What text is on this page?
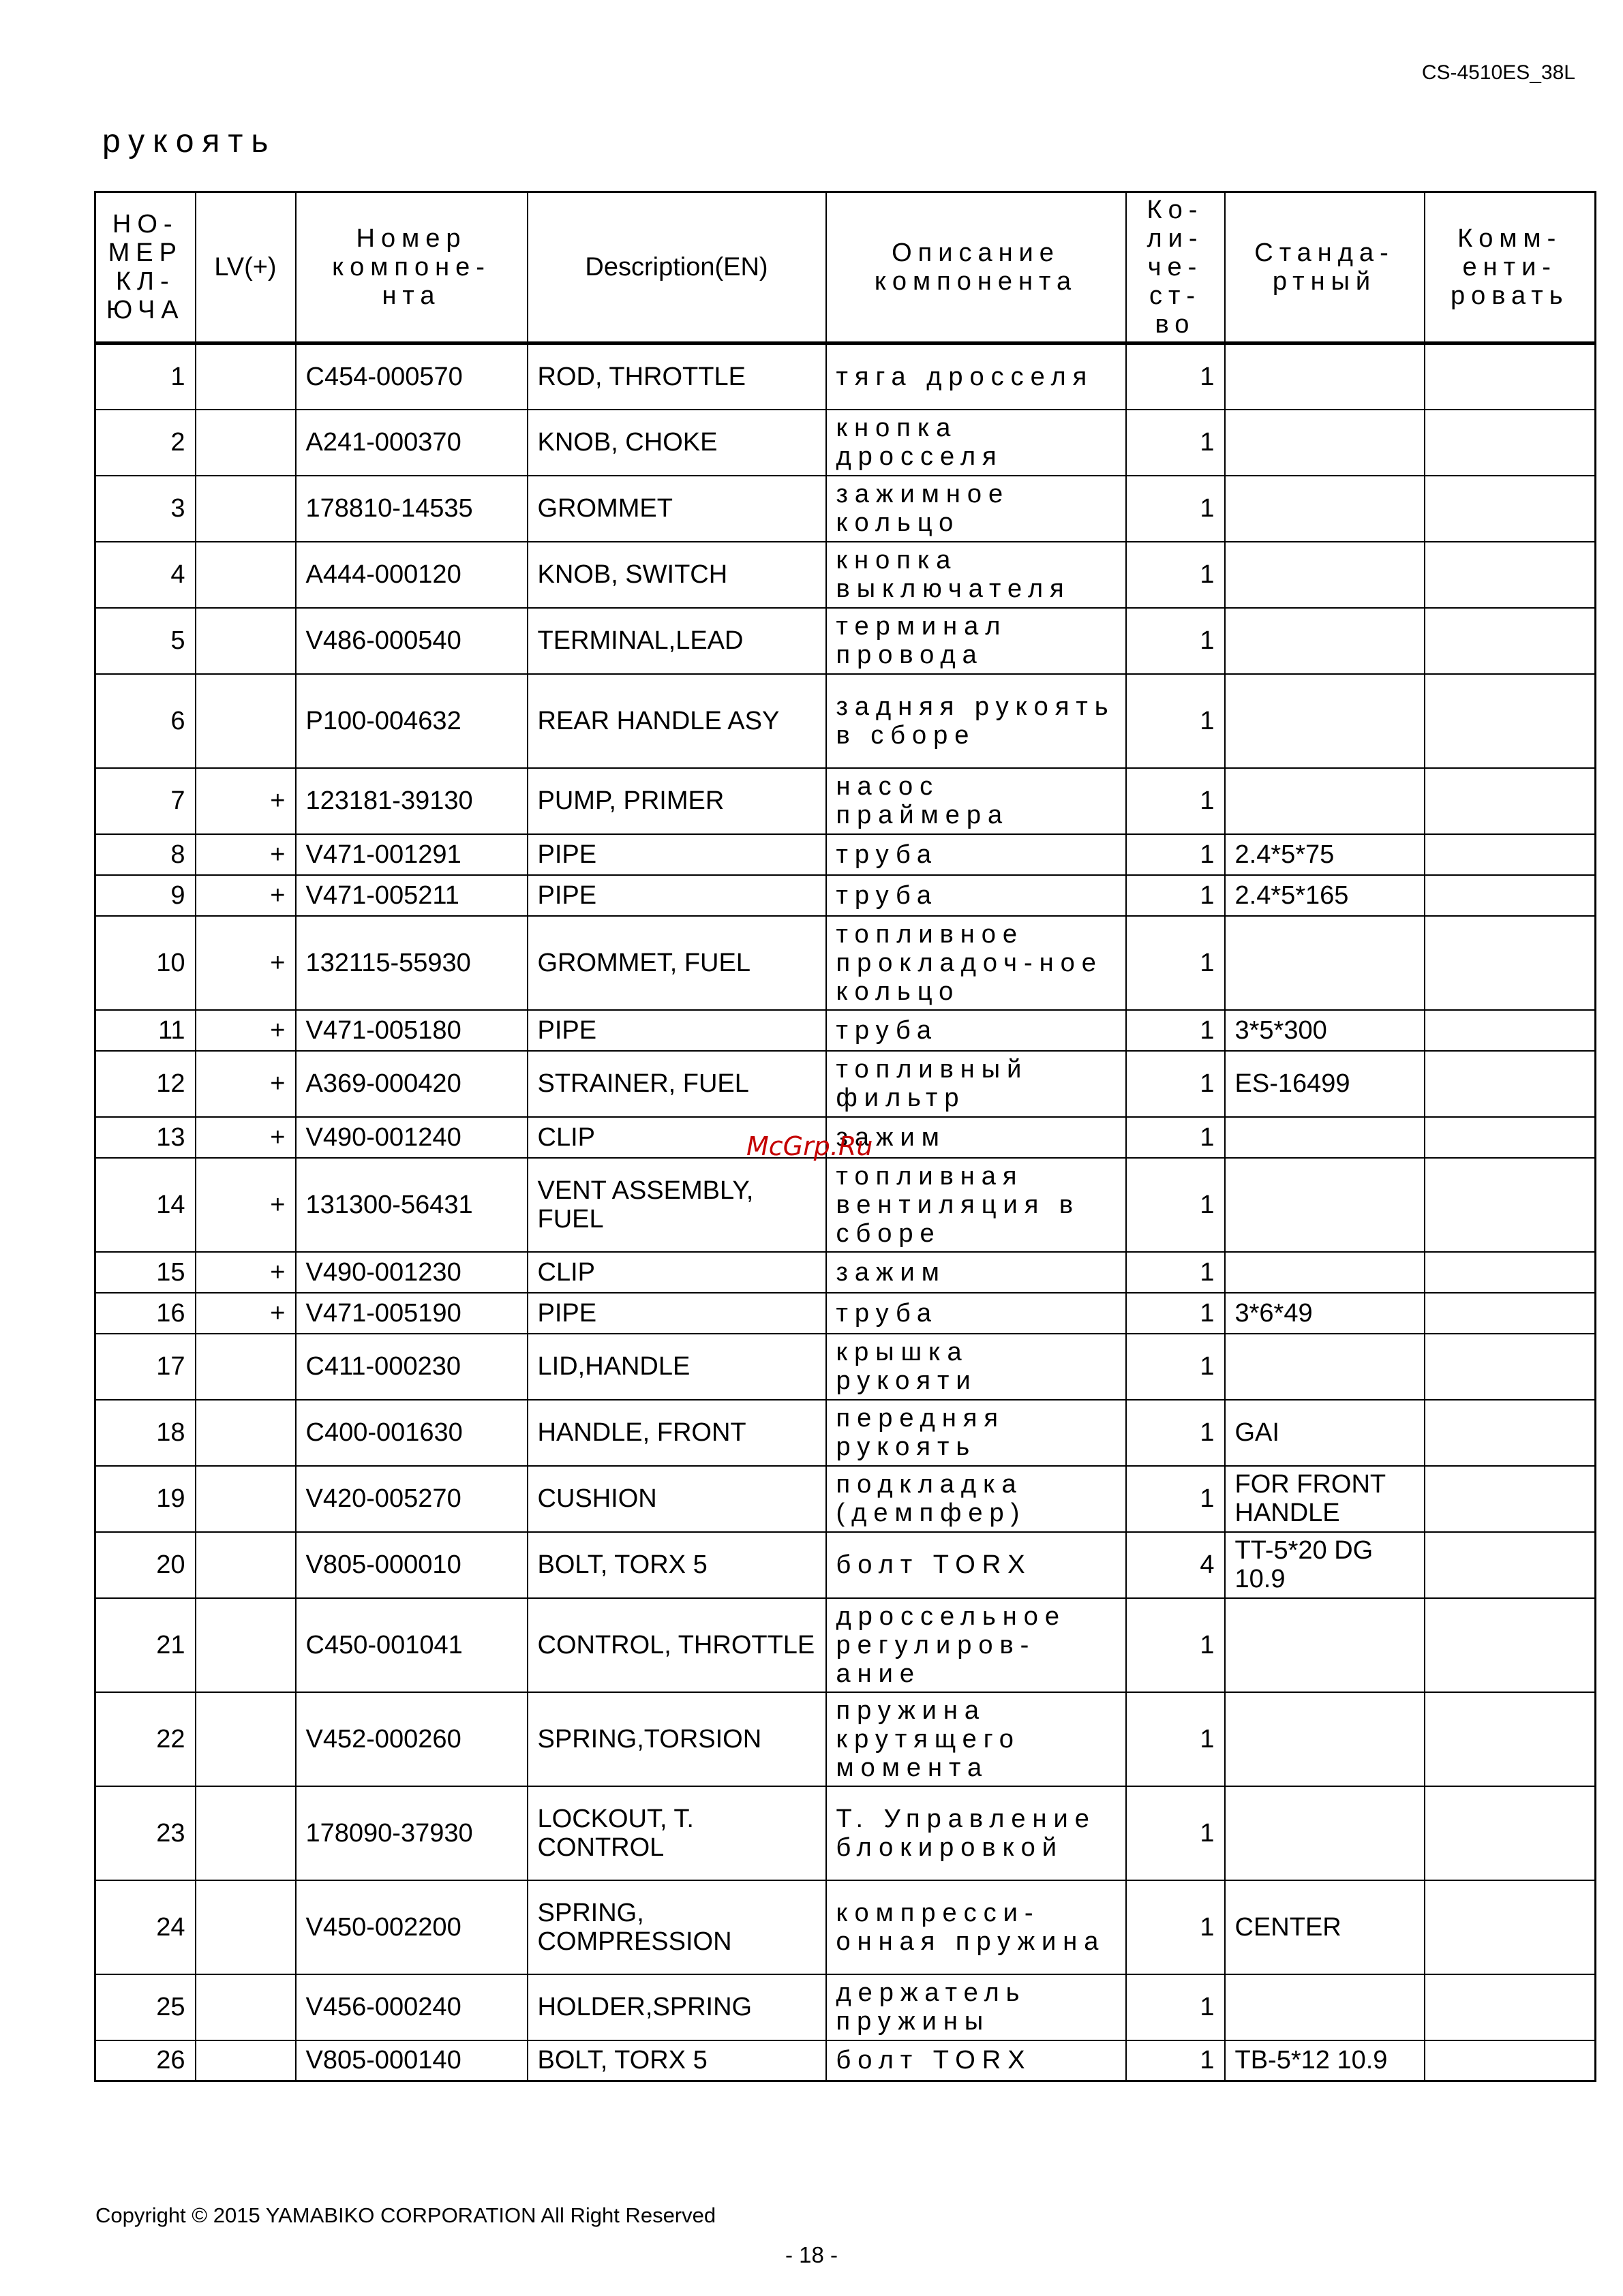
CS-4510ES_38L
рукоять
НО-МЕР КЛ-ЮЧА	LV(+)	Номер компоне-нта	Description(EN)	Описание компонента	Ко-ли-че-ст-во	Станда-ртный	Комм-енти-ровать
1		C454-000570	ROD, THROTTLE	тяга дросселя	1		
2		A241-000370	KNOB, CHOKE	кнопка дросселя	1		
3		178810-14535	GROMMET	зажимное кольцо	1		
4		A444-000120	KNOB, SWITCH	кнопка выключателя	1		
5		V486-000540	TERMINAL,LEAD	терминал провода	1		
6		P100-004632	REAR HANDLE ASY	задняя рукоять в сборе	1		
7	+	123181-39130	PUMP, PRIMER	насос праймера	1		
8	+	V471-001291	PIPE	труба	1	2.4*5*75	
9	+	V471-005211	PIPE	труба	1	2.4*5*165	
10	+	132115-55930	GROMMET, FUEL	топливное прокладоч-ное кольцо	1		
11	+	V471-005180	PIPE	труба	1	3*5*300	
12	+	A369-000420	STRAINER, FUEL	топливный фильтр	1	ES-16499	
13	+	V490-001240	CLIP	зажим	1		
14	+	131300-56431	VENT ASSEMBLY, FUEL	топливная вентиляция в сборе	1		
15	+	V490-001230	CLIP	зажим	1		
16	+	V471-005190	PIPE	труба	1	3*6*49	
17		C411-000230	LID,HANDLE	крышка рукояти	1		
18		C400-001630	HANDLE, FRONT	передняя рукоять	1	GAI	
19		V420-005270	CUSHION	подкладка (демпфер)	1	FOR FRONT HANDLE	
20		V805-000010	BOLT, TORX 5	болт TORX	4	TT-5*20 DG 10.9	
21		C450-001041	CONTROL, THROTTLE	дроссельное регулиров-ание	1		
22		V452-000260	SPRING,TORSION	пружина крутящего момента	1		
23		178090-37930	LOCKOUT, T. CONTROL	Т. Управление блокировкой	1		
24		V450-002200	SPRING, COMPRESSION	компресси-онная пружина	1	CENTER	
25		V456-000240	HOLDER,SPRING	держатель пружины	1		
26		V805-000140	BOLT, TORX 5	болт TORX	1	TB-5*12 10.9	
McGrp.Ru
Copyright © 2015 YAMABIKO CORPORATION All Right Reserved
- 18 -
